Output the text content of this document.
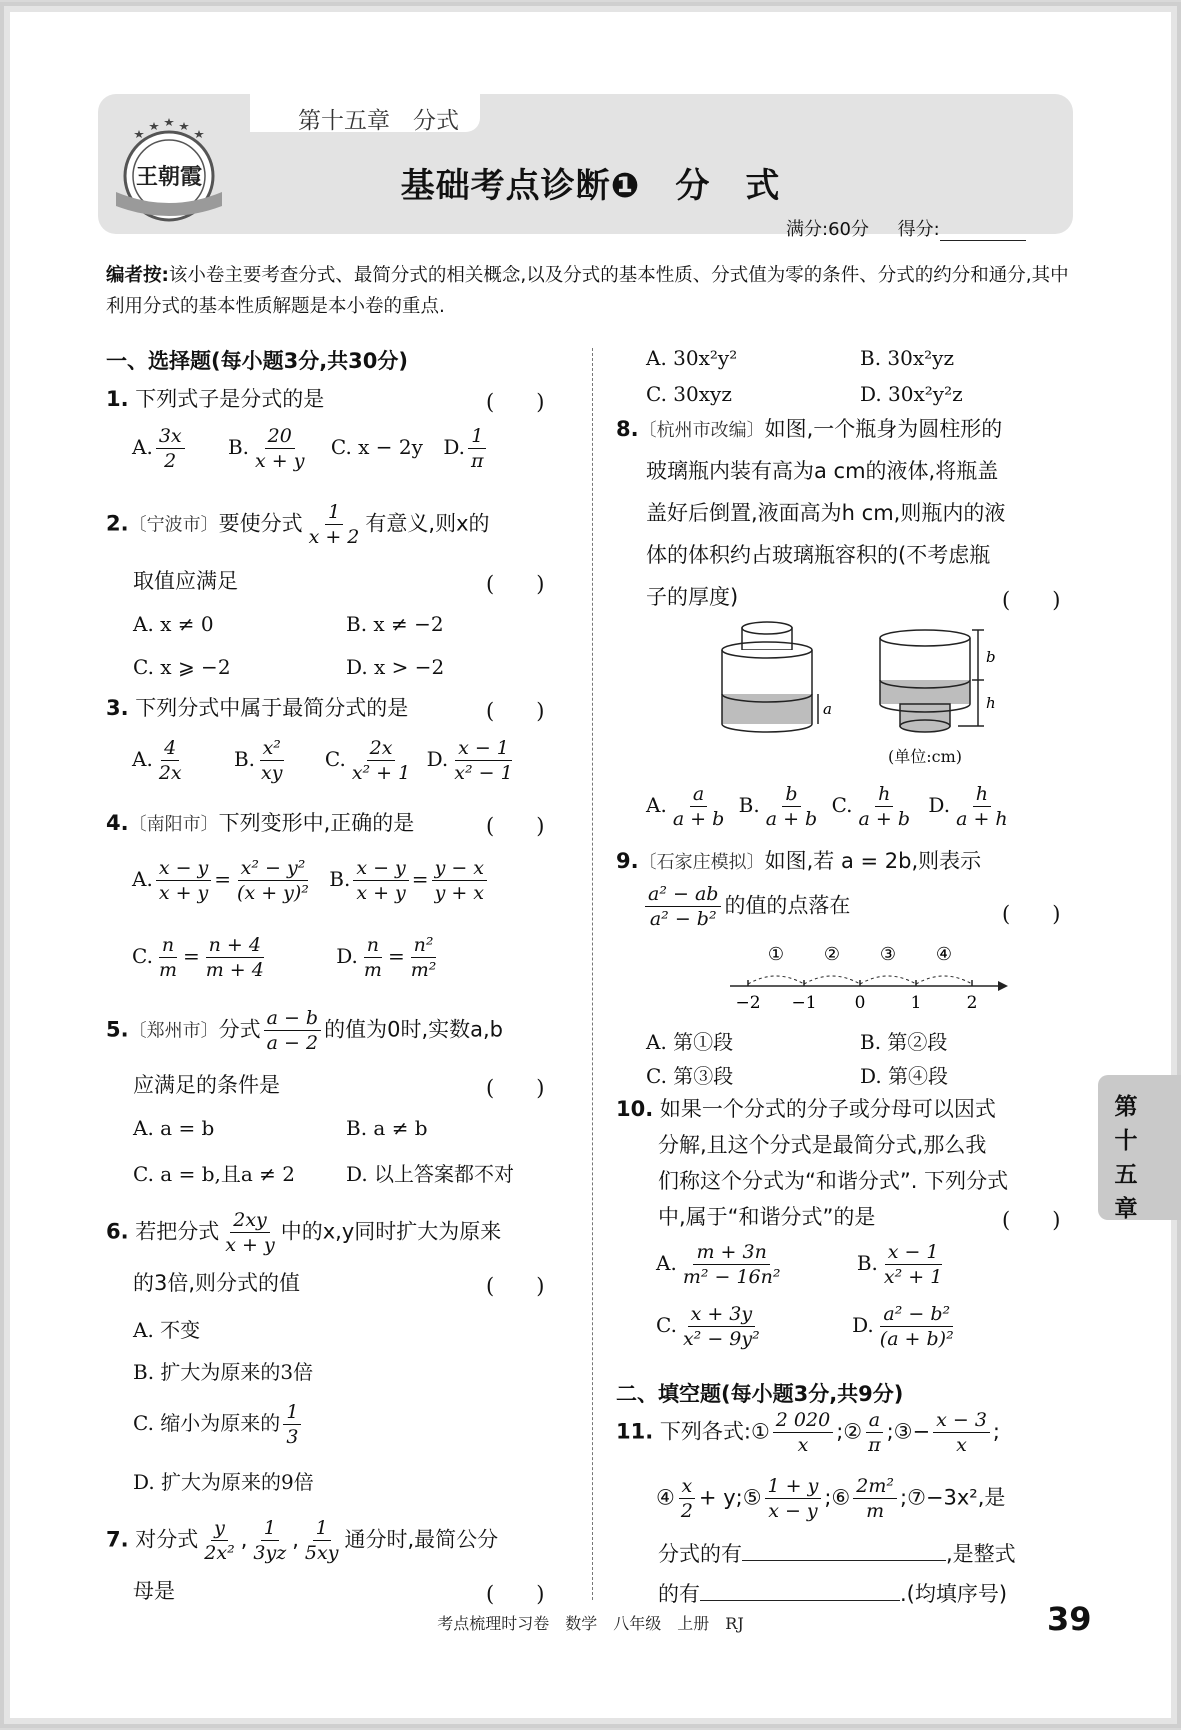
第十五章　分式
王朝霞	基础考点诊断❶　分　式
满分:60分 得分:
编者按:该小卷主要考查分式、最简分式的相关概念,以及分式的基本性质、分式值为零的条件、分式的约分和通分,其中利用分式的基本性质解题是本小卷的重点.
一、选择题(每小题3分,共30分)
1. 下列式子是分式的是	(　　)
A. $\frac{3x}{2} B$. $\frac{20}{x + y} C$. x − 2y D. $\frac{1}{\pi}$
2.〔宁波市〕要使分式 $\frac{1}{x + 2}$ 有意义,则x的
取值应满足	(　　)
A. x ≠ 0	B. x ≠ −2
C. x ⩾ −2	D. x > −2
3. 下列分式中属于最简分式的是	(　　)
A. $\frac{4}{2x} B$. $\frac{\text{x²}}{xy} C$. $\frac{2x}{\text{x² + 1}} D$. $\frac{x - 1}{\text{x² − 1}}$
4.〔南阳市〕下列变形中,正确的是	(　　)
A. $\frac{x - y}{x + y} = \frac{\text{x² − y²}}{\text{(x + y)²}} B$. $\frac{x - y}{x + y} = \frac{y - x}{y + x}$
C. $\frac{n}{m} = \frac{n + 4}{m + 4}$	D. $\frac{n}{m} = \frac{\text{n²}}{\text{m²}}$
5.〔郑州市〕分式 $\frac{a - b}{a - 2}$ 的值为0时,实数a,b
应满足的条件是	(　　)
A. a = b	B. a ≠ b
C. a = b,且a ≠ 2	D. 以上答案都不对
6. 若把分式 $\frac{2xy}{x + y}$ 中的x,y同时扩大为原来
的3倍,则分式的值	(　　)
A. 不变
B. 扩大为原来的3倍
C. 缩小为原来的 $\frac{1}{3}$
D. 扩大为原来的9倍
7. 对分式 $\frac{y}{\text{2x²}}$ , $\frac{1}{3yz}$ , $\frac{1}{5xy}$ 通分时,最简公分
母是	(　　)
A. 30x²y²	B. 30x²yz
C. 30xyz	D. 30x²y²z
8.〔杭州市改编〕如图,一个瓶身为圆柱形的
玻璃瓶内装有高为a cm的液体,将瓶盖
盖好后倒置,液面高为h cm,则瓶内的液
体的体积约占玻璃瓶容积的(不考虑瓶
子的厚度)	(　　)
a
b
h
(单位:cm)
A. $\frac{a}{a + b} B$. $\frac{b}{a + b} C$. $\frac{h}{a + b} D$. $\frac{h}{a + h}$
9.〔石家庄模拟〕如图,若 a = 2b,则表示
$\frac{\text{a² − ab}}{\text{a² − b²}}$ 的值的点落在	(　　)
−2 −1 0	1	2
① ② ③ ④
A. 第①段	B. 第②段
C. 第③段	D. 第④段
10. 如果一个分式的分子或分母可以因式
分解,且这个分式是最简分式,那么我
们称这个分式为“和谐分式”. 下列分式
中,属于“和谐分式”的是	(　　)
A. $\frac{m + 3n}{\text{m² − 16n²}}$	B. $\frac{x - 1}{\text{x² + 1}}$
C. $\frac{x + 3y}{\text{x² − 9y²}}$	D. $\frac{\text{a² − b²}}{\text{(a + b)²}}$
二、填空题(每小题3分,共9分)
11. 下列各式:① $\frac{2 020}{x}$ ;② $\frac{a}{\pi}$ ;③− $\frac{x - 3}{x}$ ;
④ $\frac{x}{2}$ + y;⑤ $\frac{1 + y}{x - y}$ ;⑥ $\frac{\text{2m²}}{m}$ ;⑦−3x²,是
分式的有	,是整式
的有	.(均填序号)
第十五章
考点梳理时习卷　数学　八年级　上册　RJ	39
